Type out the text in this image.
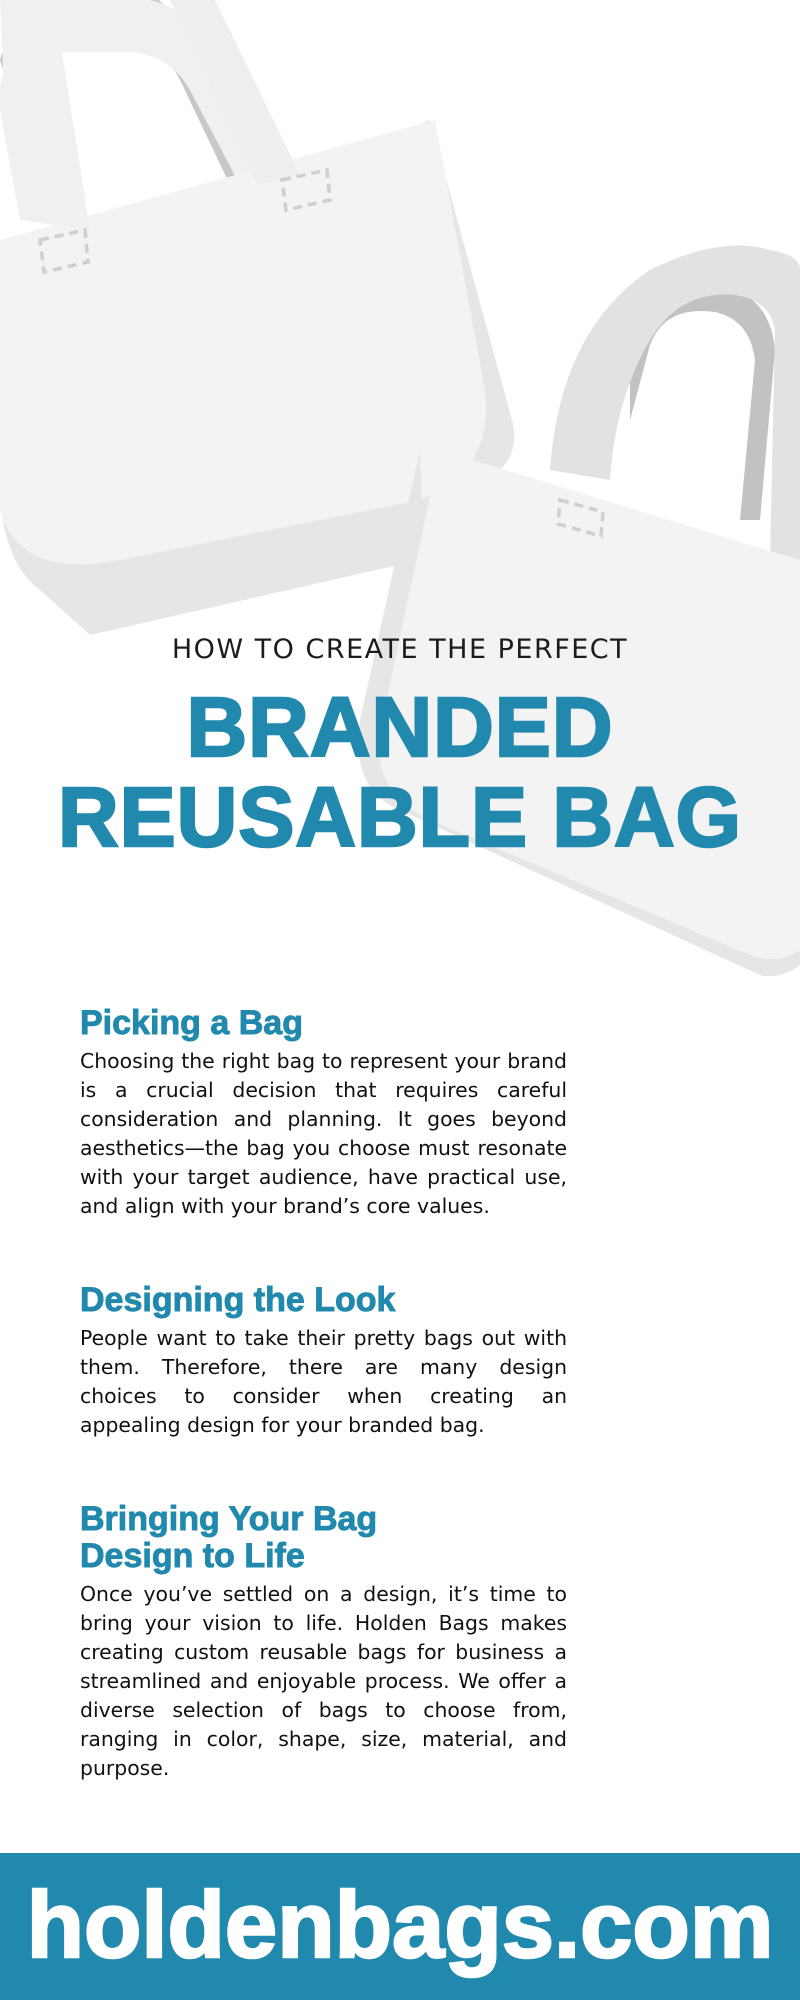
HOW TO CREATE THE PERFECT
BRANDED
REUSABLE BAG
Picking a Bag

Choosing the right bag to represent your brand is a crucial decision that requires careful consideration and planning. It goes beyond aesthetics—the bag you choose must resonate with your target audience, have practical use, and align with your brand’s core values.

Designing the Look

People want to take their pretty bags out with them. Therefore, there are many design choices to consider when creating an appealing design for your branded bag.

Bringing Your Bag
Design to Life

Once you’ve settled on a design, it’s time to bring your vision to life. Holden Bags makes creating custom reusable bags for business a streamlined and enjoyable process. We offer a diverse selection of bags to choose from, ranging in color, shape, size, material, and purpose.

holdenbags.com
